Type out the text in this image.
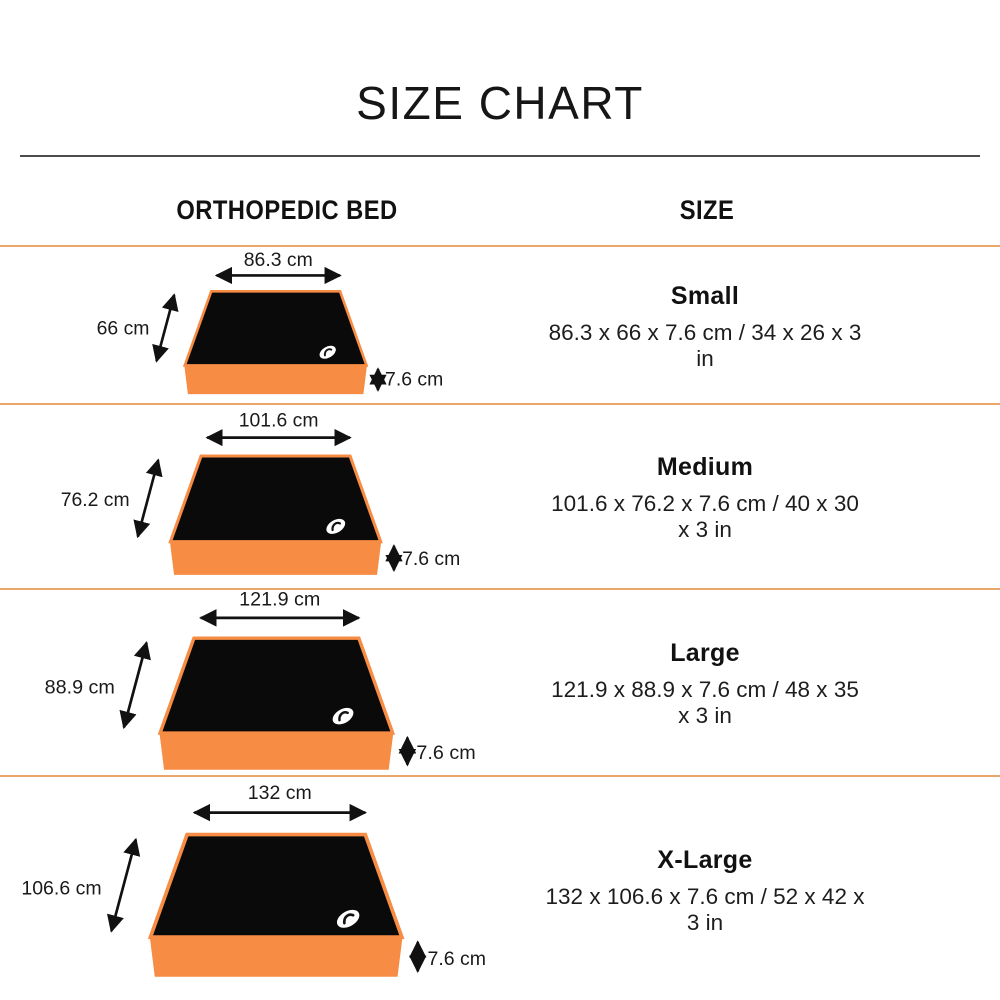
SIZE CHART
ORTHOPEDIC BED	SIZE
86.3 cm
66 cm
7.6 cm
Small
86.3 x 66 x 7.6 cm / 34 x 26 x 3 in
101.6 cm
76.2 cm
7.6 cm
Medium
101.6 x 76.2 x 7.6 cm / 40 x 30 x 3 in
121.9 cm
88.9 cm
7.6 cm
Large
121.9 x 88.9 x 7.6 cm / 48 x 35 x 3 in
132 cm
106.6 cm
7.6 cm
X-Large
132 x 106.6 x 7.6 cm / 52 x 42 x 3 in
